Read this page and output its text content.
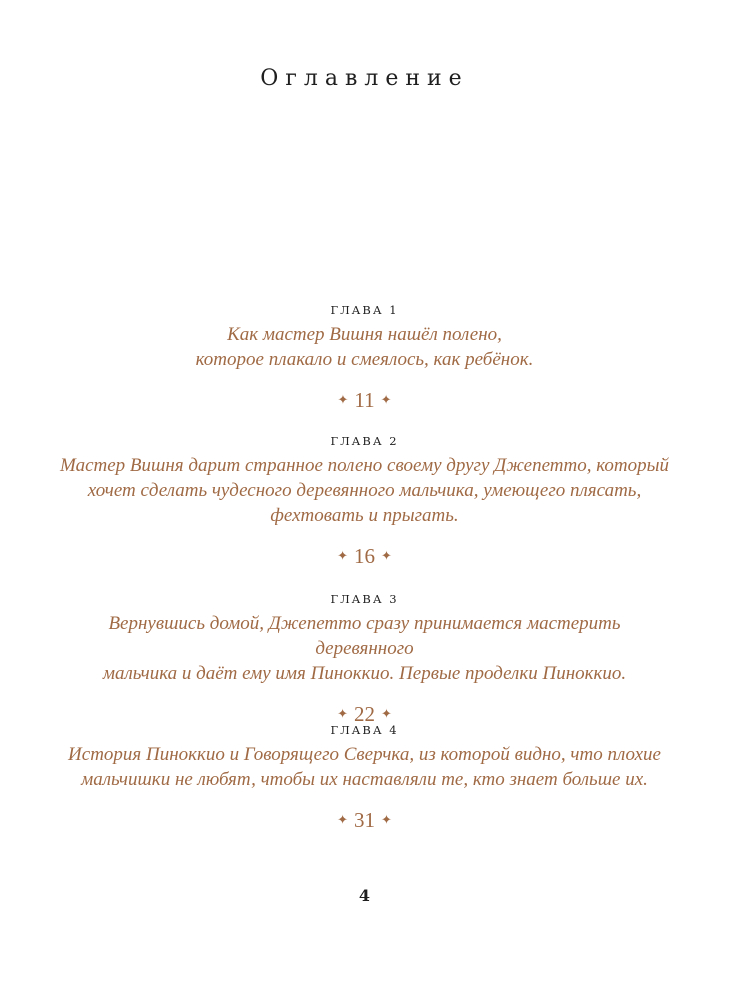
Оглавление
ГЛАВА 1
Как мастер Вишня нашёл полено,
которое плакало и смеялось, как ребёнок.
✦ 11 ✦
ГЛАВА 2
Мастер Вишня дарит странное полено своему другу Джепетто, который
хочет сделать чудесного деревянного мальчика, умеющего плясать,
фехтовать и прыгать.
✦ 16 ✦
ГЛАВА 3
Вернувшись домой, Джепетто сразу принимается мастерить деревянного
мальчика и даёт ему имя Пиноккио. Первые проделки Пиноккио.
✦ 22 ✦
ГЛАВА 4
История Пиноккио и Говорящего Сверчка, из которой видно, что плохие
мальчишки не любят, чтобы их наставляли те, кто знает больше их.
✦ 31 ✦
4
